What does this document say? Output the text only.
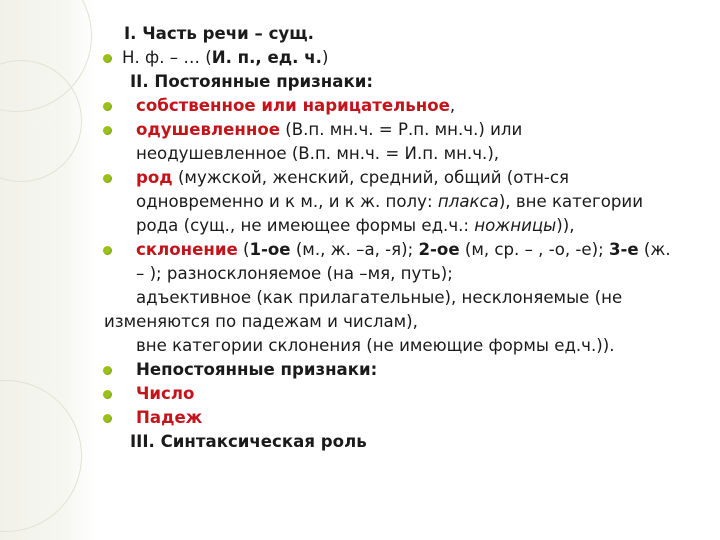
I. Часть речи – сущ.
Н. ф. – … (И. п., ед. ч.)
II. Постоянные признаки:
собственное или нарицательное,
одушевленное (В.п. мн.ч. = Р.п. мн.ч.) или
неодушевленное (В.п. мн.ч. = И.п. мн.ч.),
род (мужской, женский, средний, общий (отн-ся
одновременно и к м., и к ж. полу: плакса), вне категории
рода (сущ., не имеющее формы ед.ч.: ножницы)),
склонение (1-ое (м., ж. –а, -я); 2-ое (м, ср. – , -о, -е); 3-е (ж.
– ); разносклоняемое (на –мя, путь);
адъективное (как прилагательные), несклоняемые (не
изменяются по падежам и числам),
вне категории склонения (не имеющие формы ед.ч.)).
Непостоянные признаки:
Число
Падеж
III. Синтаксическая роль
